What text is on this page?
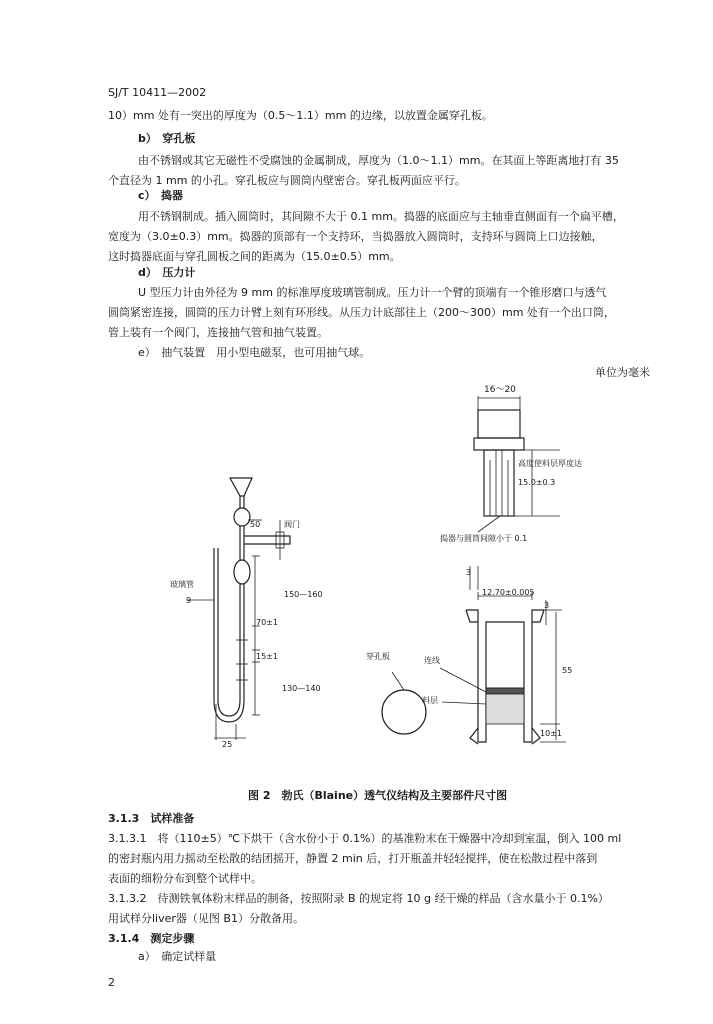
SJ/T 10411—2002
10）mm 处有一突出的厚度为（0.5～1.1）mm 的边缘，以放置金属穿孔板。
b）　穿孔板
由不锈钢或其它无磁性不受腐蚀的金属制成，厚度为（1.0～1.1）mm。在其面上等距离地打有 35
个直径为 1 mm 的小孔。穿孔板应与圆筒内壁密合。穿孔板两面应平行。
c）　捣器
用不锈钢制成。插入圆筒时，其间隙不大于 0.1 mm。捣器的底面应与主轴垂直侧面有一个扁平槽，
宽度为（3.0±0.3）mm。捣器的顶部有一个支持环，当捣器放入圆筒时，支持环与圆筒上口边接触，
这时捣器底面与穿孔圆板之间的距离为（15.0±0.5）mm。
d）　压力计
U 型压力计由外径为 9 mm 的标准厚度玻璃管制成。压力计一个臂的顶端有一个锥形磨口与透气
圆筒紧密连接，圆筒的压力计臂上刻有环形线。从压力计底部往上（200～300）mm 处有一个出口筒，
管上装有一个阀门，连接抽气管和抽气装置。
e）　抽气装置　用小型电磁泵，也可用抽气球。
单位为毫米
16～20
高度使料层厚度达
15.0±0.3
捣器与圆筒间隙小于 0.1
50	阀门
玻璃管
9
150—160
70±1
15±1
130—140
25
3
12.70±0.005
3
连线
穿孔板
55
料层
10±1
图 2　勃氏（Blaine）透气仪结构及主要部件尺寸图
3.1.3　试样准备
3.1.3.1　将（110±5）℃下烘干（含水份小于 0.1%）的基准粉末在干燥器中冷却到室温，倒入 100 ml
的密封瓶内用力摇动至松散的结团摇开，静置 2 min 后，打开瓶盖并轻轻搅拌，使在松散过程中落到
表面的细粉分布到整个试样中。
3.1.3.2　待测铁氧体粉末样品的制备，按照附录 B 的规定将 10 g 经干燥的样品（含水量小于 0.1%）
用试样分liver器（见图 B1）分散备用。
3.1.4　测定步骤
a）　确定试样量
2
